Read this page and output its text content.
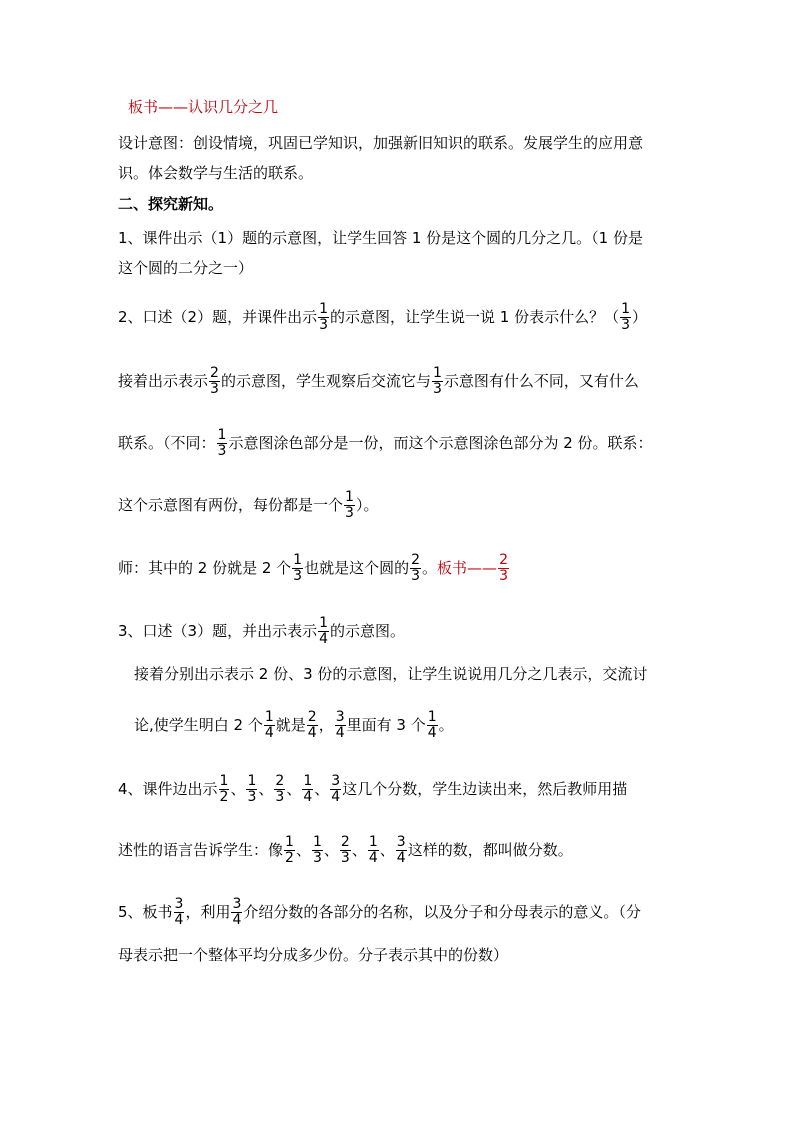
板书——认识几分之几
设计意图：创设情境，巩固已学知识，加强新旧知识的联系。发展学生的应用意
识。体会数学与生活的联系。
二、探究新知。
1、课件出示（1）题的示意图，让学生回答 1 份是这个圆的几分之几。（1 份是
这个圆的二分之一）
2、口述（2）题，并课件出示 $\frac{1}{3}$ 的示意图，让学生说一说 1 份表示什么？（ $\frac{1}{3}$ ）
接着出示表示 $\frac{2}{3}$ 的示意图，学生观察后交流它与 $\frac{1}{3}$ 示意图有什么不同，又有什么
联系。（不同： $\frac{1}{3}$ 示意图涂色部分是一份，而这个示意图涂色部分为 2 份。联系：
这个示意图有两份，每份都是一个 $\frac{1}{3}$ ）。
师：其中的 2 份就是 2 个 $\frac{1}{3}$ 也就是这个圆的 $\frac{2}{3}$ 。板书—— $\frac{2}{3}$
3、口述（3）题，并出示表示 $\frac{1}{4}$ 的示意图。
接着分别出示表示 2 份、3 份的示意图，让学生说说用几分之几表示，交流讨
论,使学生明白 2 个 $\frac{1}{4}$ 就是 $\frac{2}{4}$ ， $\frac{3}{4}$ 里面有 3 个 $\frac{1}{4}$ 。
4、课件边出示 $\frac{1}{2}$ 、 $\frac{1}{3}$ 、 $\frac{2}{3}$ 、 $\frac{1}{4}$ 、 $\frac{3}{4}$ 这几个分数，学生边读出来，然后教师用描
述性的语言告诉学生：像 $\frac{1}{2}$ 、 $\frac{1}{3}$ 、 $\frac{2}{3}$ 、 $\frac{1}{4}$ 、 $\frac{3}{4}$ 这样的数，都叫做分数。
5、板书 $\frac{3}{4}$ ，利用 $\frac{3}{4}$ 介绍分数的各部分的名称，以及分子和分母表示的意义。（分
母表示把一个整体平均分成多少份。分子表示其中的份数）
